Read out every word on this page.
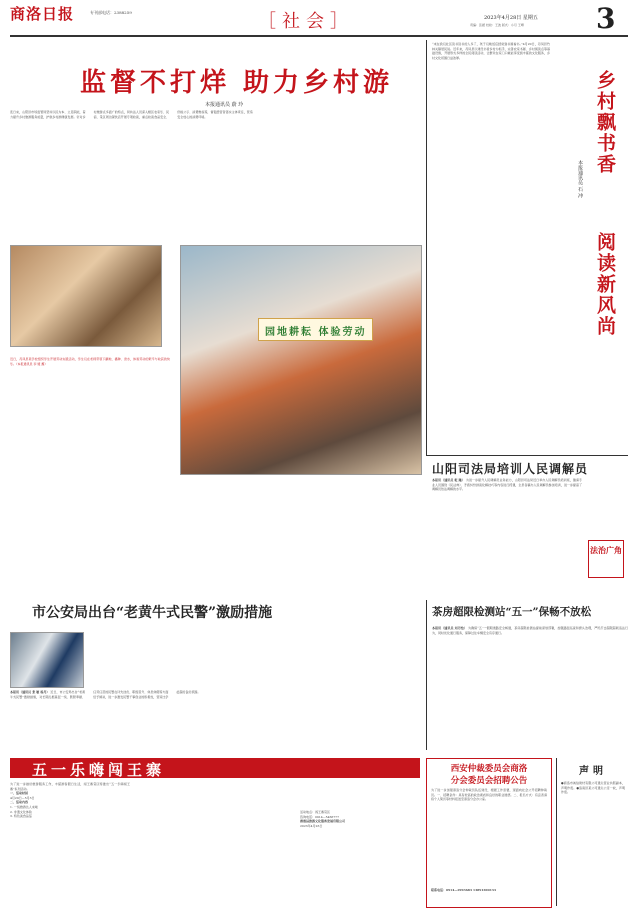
商洛日报	专刊部电话：2388259	［社会］	2023年4月28日 星期五
责编：张媛 校检：王波 版式：小月 王晴	3
监督不打烊 助力乡村游
本报通讯员 蔚 玲

连日来，山阳县市场监管局坚持以民为本、立足职能，着力提升乡村旅游服务质量，护航乡村游健康发展。针对乡村旅游点多面广的特点，局执法人员深入辖区农家乐、民宿、景区周边餐饮店开展专项检查，重点检查食品安全、价格公示、消费维权等，督促经营者落实主体责任，营造安全放心的消费环境。

园地耕耘 体验劳动

近日，丹凤县某学校组织学生开展劳动实践活动，学生们在老师带领下翻地、播种、浇水，体验劳动的艰辛与收获的快乐。（本报通讯员 李 娅 摄）

“来在我们社区读书读书的人多了，孩子们晚饭后经常到书屋看书。”4月20日，丹凤县竹林关镇居民说。近年来，丹凤县以建设书香乡村为抓手，完善农家书屋、乡村阅读点等基础设施，开展形式多样的全民阅读活动，让群众在家门口就能享受到丰富的文化服务，乡村文化氛围日益浓厚。

乡村飘书香
阅读新风尚
本报通讯员 石 冲
山阳司法局培训人民调解员
本报讯（通讯员 乾 隆） 为进一步提升人民调解员业务能力，山阳县司法局近日举办人民调解员培训班，邀请专业人员围绕《民法典》、矛盾纠纷排查化解技巧等内容进行授课，全县各镇办人民调解员参加培训，进一步提高了调解员依法调解的水平。
法治广角
市公安局出台“老黄牛式民警”激励措施

本报讯（通讯员 张 敏 杨丹） 近日，市公安局出台“老黄牛式民警”激励措施，对长期扎根基层一线、默默奉献、任劳任怨的民警在评先选优、职级晋升、休息休假等方面给予倾斜，进一步激发民警干事创业的积极性，营造比学赶超的良好氛围。

茶房超限检测站“五一”保畅不放松
本报讯（通讯员 刘丹怡） 为确保“五一”假期道路安全畅通，茶房超限检测站提前谋划部署，加强路面巡查和源头治理，严厉打击超限超载违法行为，同时优化通行服务，保障过往车辆安全有序通行。
五一乐嗨闯王寨

为了进一步做好旅游服务工作，丰富游客假日生活，闯王寨景区特推出“五一乐嗨闯王寨”系列活动。

一、活动时间

4月29日—5月3日

二、活动内容

1. 一线旅游达人来啦

2. 非遗文化体验

3. 特色美食品鉴

活动地点：闯王寨景区

咨询电话：0914—5466777

商南县旅游文化服务发展有限公司

2023年4月26日

西安仲裁委员会商洛
分会委员会招聘公告
为了进一步加强商洛分会仲裁员队伍建设，根据工作需要，现面向社会公开招聘仲裁员。一、招聘条件：具有较高的政治素质和良好的职业道德。二、报名方式：有意者请将个人简历等材料报送至商洛分会办公室。
联系电话：0914—2993683 13891690133
声明
●商洛市诚信建材有限公司遗失营业执照副本，声明作废。●洛南县某公司遗失公章一枚，声明作废。
